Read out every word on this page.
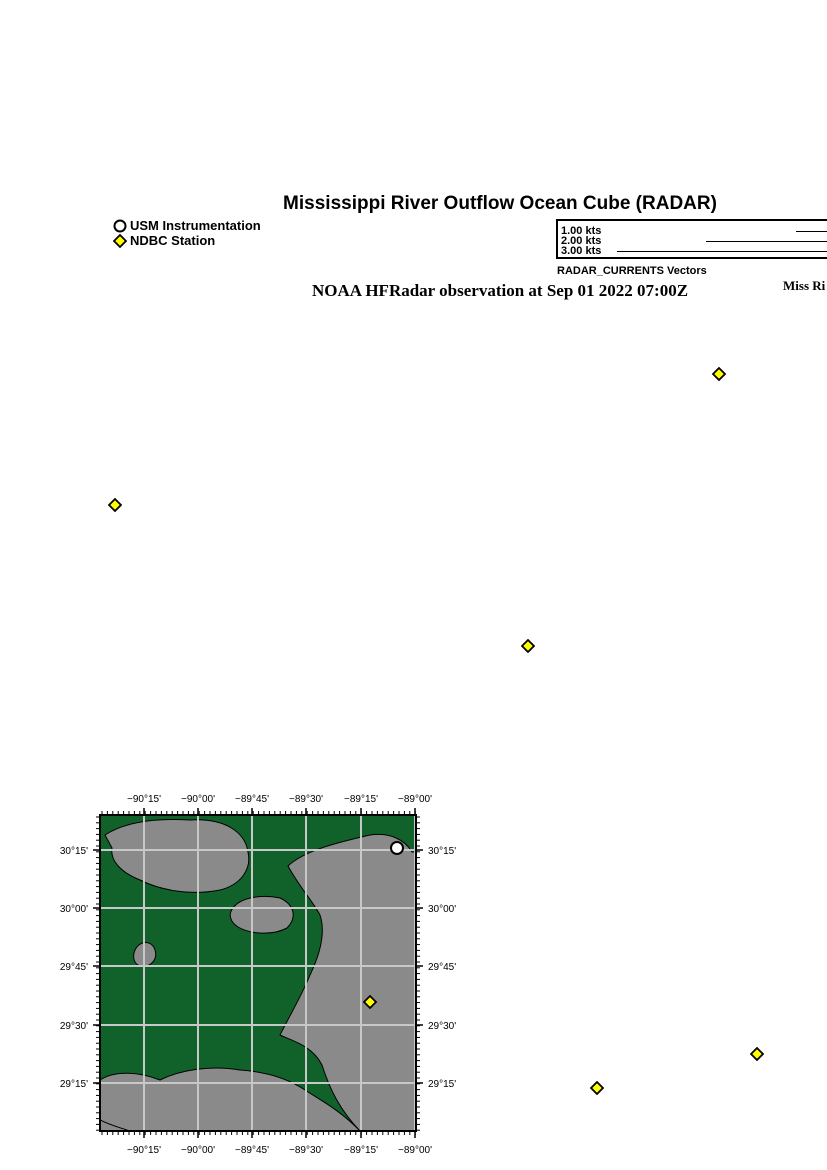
Mississippi River Outflow Ocean Cube (RADAR)
USM Instrumentation
NDBC Station
1.00 kts
2.00 kts
3.00 kts
RADAR_CURRENTS Vectors
NOAA HFRadar observation at Sep 01 2022 07:00Z	Miss Ri
−90°15' −90°00' −89°45' −89°30' −89°15' −89°00'
−90°15' −90°00' −89°45' −89°30' −89°15' −89°00'
30°15'
30°00'
29°45'
29°30'
29°15'
30°15'
30°00'
29°45'
29°30'
29°15'
